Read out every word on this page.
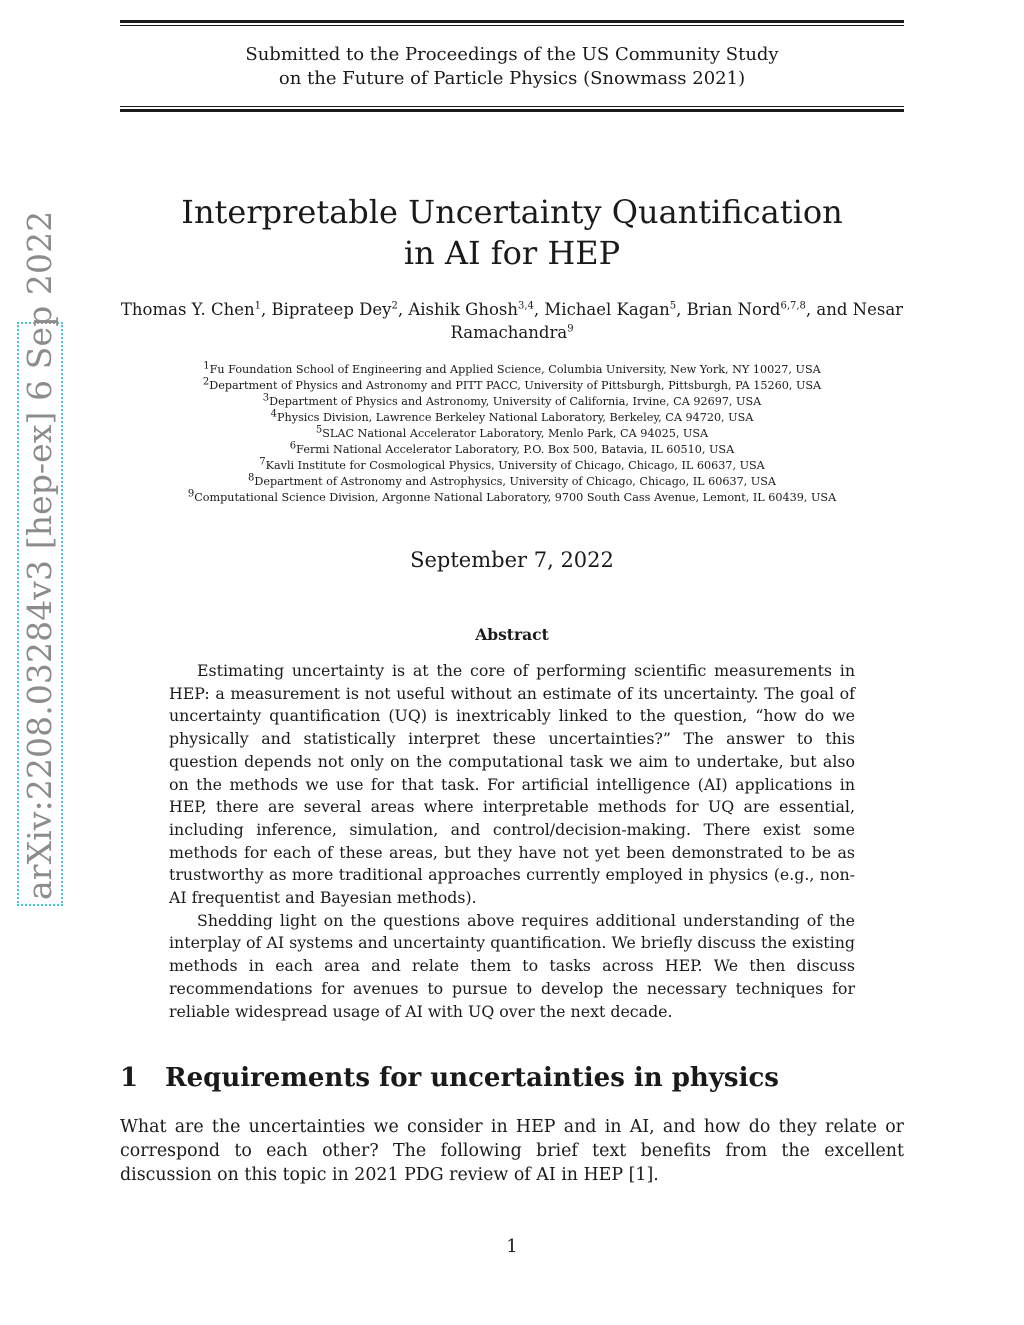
Submitted to the Proceedings of the US Community Study
on the Future of Particle Physics (Snowmass 2021)
Interpretable Uncertainty Quantification
in AI for HEP
Thomas Y. Chen$^1$, Biprateep Dey$^2$, Aishik Ghosh$^{3,4}$, Michael Kagan$^5$, Brian Nord$^{6,7,8}$, and Nesar
Ramachandra$^9$
$^1$Fu Foundation School of Engineering and Applied Science, Columbia University, New York, NY 10027, USA
$^2$Department of Physics and Astronomy and PITT PACC, University of Pittsburgh, Pittsburgh, PA 15260, USA
$^3$Department of Physics and Astronomy, University of California, Irvine, CA 92697, USA
$^4$Physics Division, Lawrence Berkeley National Laboratory, Berkeley, CA 94720, USA
$^5$SLAC National Accelerator Laboratory, Menlo Park, CA 94025, USA
$^6$Fermi National Accelerator Laboratory, P.O. Box 500, Batavia, IL 60510, USA
$^7$Kavli Institute for Cosmological Physics, University of Chicago, Chicago, IL 60637, USA
$^8$Department of Astronomy and Astrophysics, University of Chicago, Chicago, IL 60637, USA
$^9$Computational Science Division, Argonne National Laboratory, 9700 South Cass Avenue, Lemont, IL 60439, USA
September 7, 2022
Abstract

Estimating uncertainty is at the core of performing scientific measurements in HEP: a measurement is not useful without an estimate of its uncertainty. The goal of uncertainty quantification (UQ) is inextricably linked to the question, “how do we physically and statistically interpret these uncertainties?” The answer to this question depends not only on the computational task we aim to undertake, but also on the methods we use for that task. For artificial intelligence (AI) applications in HEP, there are several areas where interpretable methods for UQ are essential, including inference, simulation, and control/decision-making. There exist some methods for each of these areas, but they have not yet been demonstrated to be as trustworthy as more traditional approaches currently employed in physics (e.g., non-AI frequentist and Bayesian methods).

Shedding light on the questions above requires additional understanding of the interplay of AI systems and uncertainty quantification. We briefly discuss the existing methods in each area and relate them to tasks across HEP. We then discuss recommendations for avenues to pursue to develop the necessary techniques for reliable widespread usage of AI with UQ over the next decade.

1 Requirements for uncertainties in physics

What are the uncertainties we consider in HEP and in AI, and how do they relate or correspond to each other? The following brief text benefits from the excellent discussion on this topic in 2021 PDG review of AI in HEP [1].

1
arXiv:2208.03284v3 [hep-ex] 6 Sep 2022
